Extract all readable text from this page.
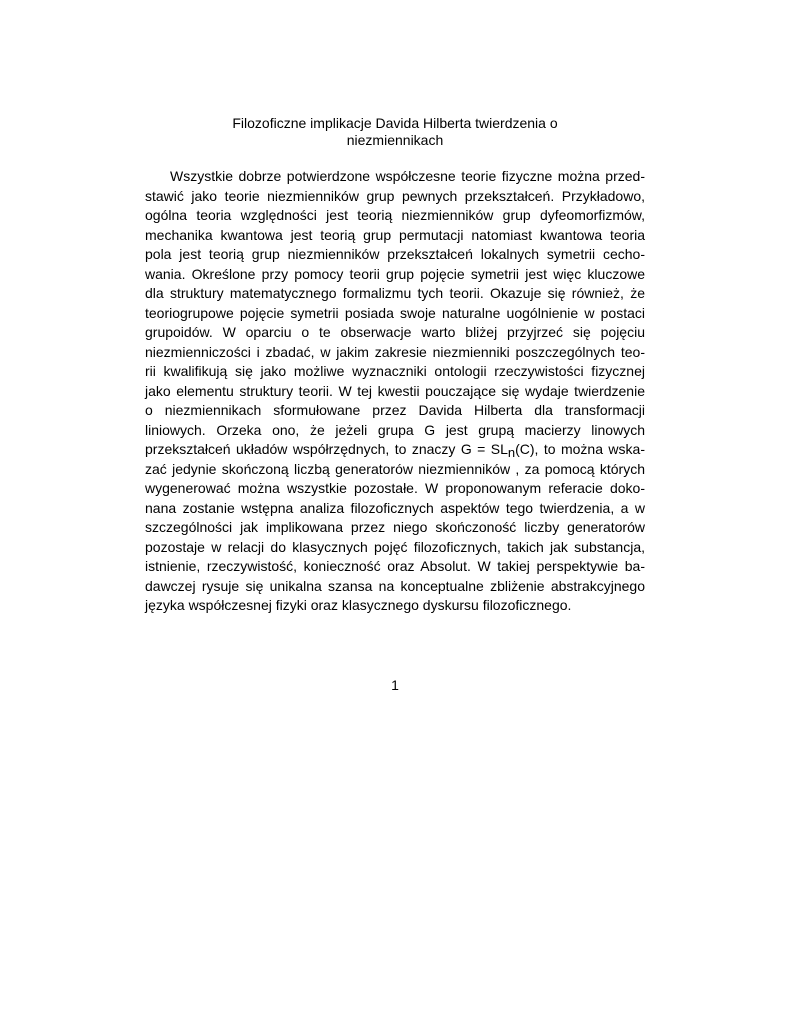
Filozoficzne implikacje Davida Hilberta twierdzenia o
niezmiennikach
Wszystkie dobrze potwierdzone współczesne teorie fizyczne można przed-
stawić jako teorie niezmienników grup pewnych przekształceń. Przykładowo,
ogólna teoria względności jest teorią niezmienników grup dyfeomorfizmów,
mechanika kwantowa jest teorią grup permutacji natomiast kwantowa teoria
pola jest teorią grup niezmienników przekształceń lokalnych symetrii cecho-
wania. Określone przy pomocy teorii grup pojęcie symetrii jest więc kluczowe
dla struktury matematycznego formalizmu tych teorii. Okazuje się również, że
teoriogrupowe pojęcie symetrii posiada swoje naturalne uogólnienie w postaci
grupoidów. W oparciu o te obserwacje warto bliżej przyjrzeć się pojęciu
niezmienniczości i zbadać, w jakim zakresie niezmienniki poszczególnych teo-
rii kwalifikują się jako możliwe wyznaczniki ontologii rzeczywistości fizycznej
jako elementu struktury teorii. W tej kwestii pouczające się wydaje twierdzenie
o niezmiennikach sformułowane przez Davida Hilberta dla transformacji
liniowych. Orzeka ono, że jeżeli grupa G jest grupą macierzy linowych
przekształceń układów współrzędnych, to znaczy G = SLn(C), to można wska-
zać jedynie skończoną liczbą generatorów niezmienników , za pomocą których
wygenerować można wszystkie pozostałe. W proponowanym referacie doko-
nana zostanie wstępna analiza filozoficznych aspektów tego twierdzenia, a w
szczególności jak implikowana przez niego skończoność liczby generatorów
pozostaje w relacji do klasycznych pojęć filozoficznych, takich jak substancja,
istnienie, rzeczywistość, konieczność oraz Absolut. W takiej perspektywie ba-
dawczej rysuje się unikalna szansa na konceptualne zbliżenie abstrakcyjnego
języka współczesnej fizyki oraz klasycznego dyskursu filozoficznego.
1
